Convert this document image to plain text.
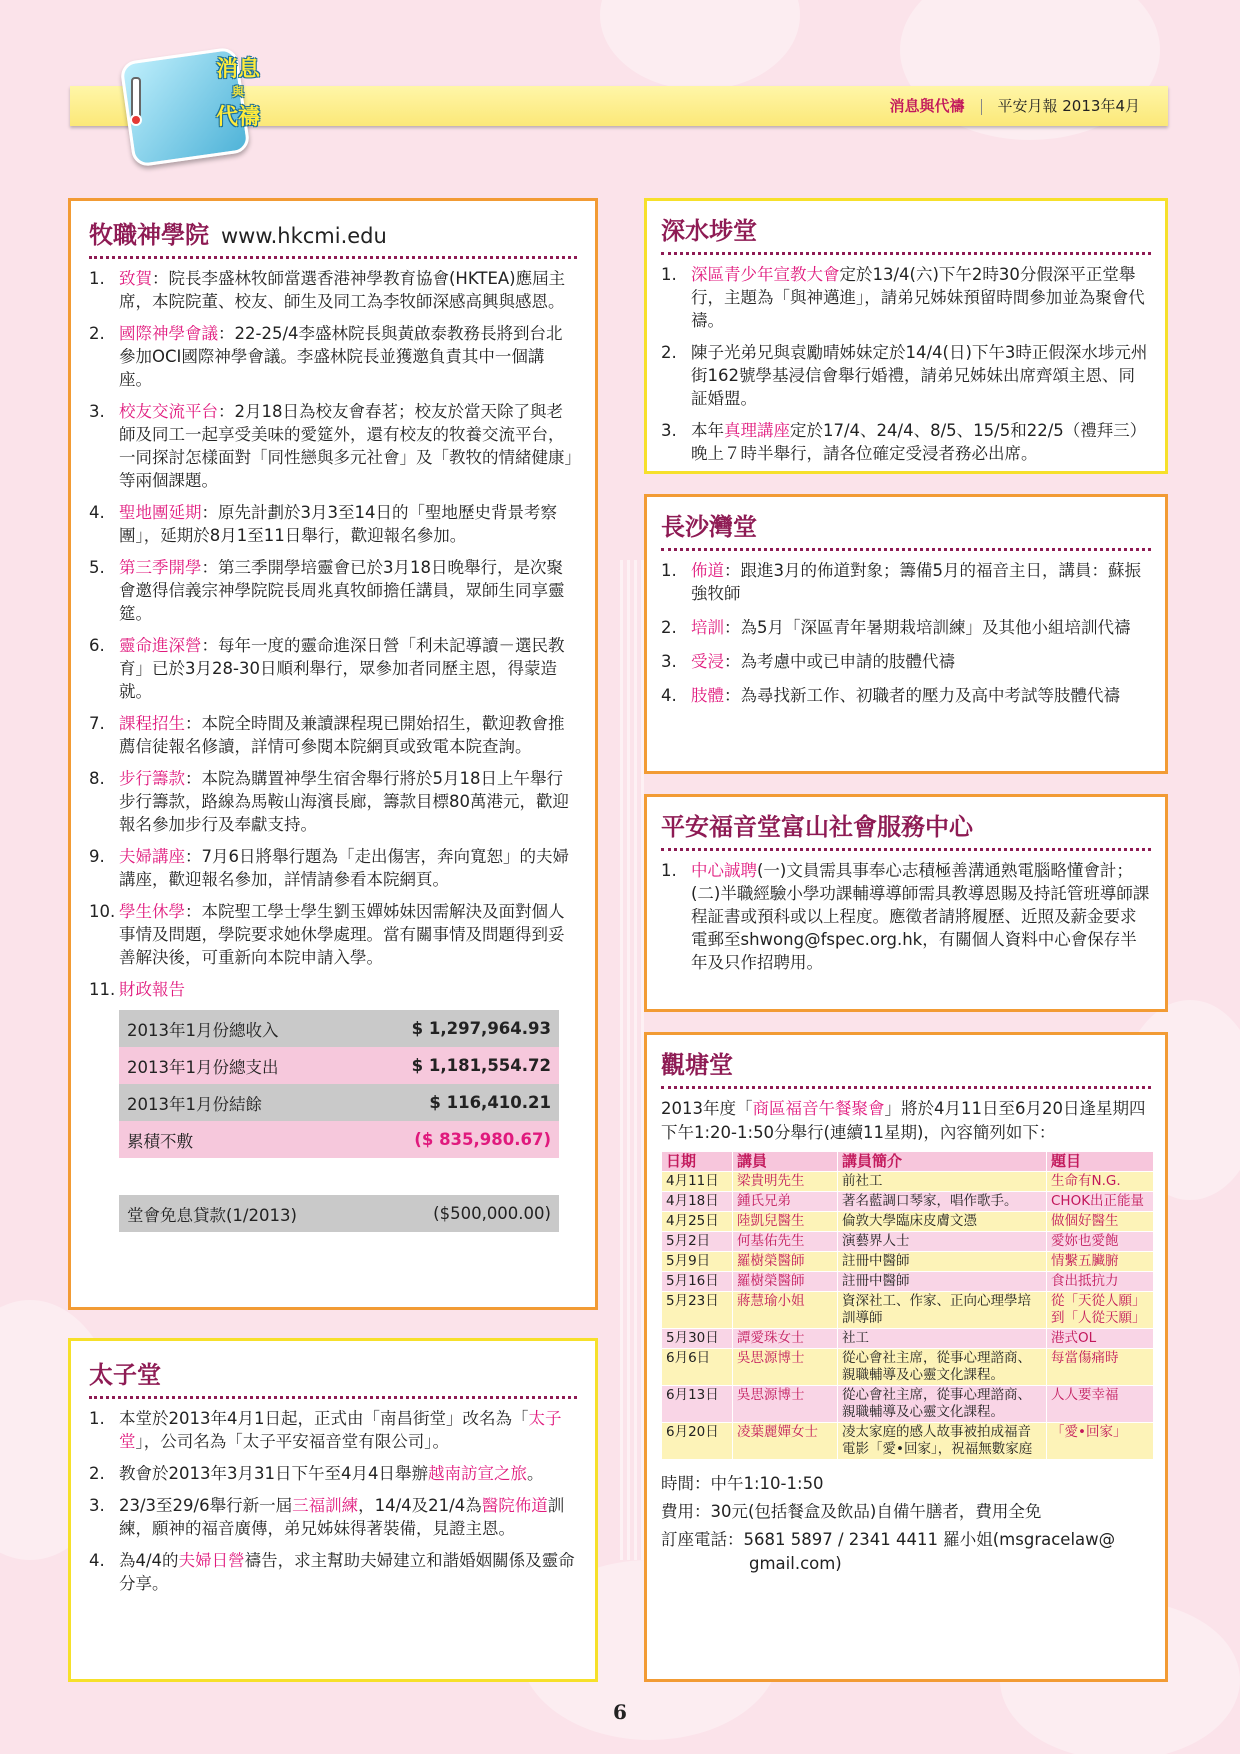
消息與代禱 平安月報 2013年4月
消息
與
代禱
牧職神學院 www.hkcmi.edu
1. 致賀：院長李盛林牧師當選香港神學教育協會(HKTEA)應屆主席，本院院董、校友、師生及同工為李牧師深感高興與感恩。
2. 國際神學會議：22-25/4李盛林院長與黃啟泰教務長將到台北參加OCI國際神學會議。李盛林院長並獲邀負責其中一個講座。
3. 校友交流平台：2月18日為校友會春茗；校友於當天除了與老師及同工一起享受美味的愛筵外，還有校友的牧養交流平台，一同探討怎樣面對「同性戀與多元社會」及「教牧的情緒健康」等兩個課題。
4. 聖地團延期：原先計劃於3月3至14日的「聖地歷史背景考察團」，延期於8月1至11日舉行，歡迎報名參加。
5. 第三季開學：第三季開學培靈會已於3月18日晚舉行，是次聚會邀得信義宗神學院院長周兆真牧師擔任講員，眾師生同享靈筵。
6. 靈命進深營：每年一度的靈命進深日營「利未記導讀－選民教育」已於3月28-30日順利舉行，眾參加者同歷主恩，得蒙造就。
7. 課程招生：本院全時間及兼讀課程現已開始招生，歡迎教會推薦信徒報名修讀，詳情可參閱本院網頁或致電本院查詢。
8. 步行籌款：本院為購置神學生宿舍舉行將於5月18日上午舉行步行籌款，路線為馬鞍山海濱長廊，籌款目標80萬港元，歡迎報名參加步行及奉獻支持。
9. 夫婦講座：7月6日將舉行題為「走出傷害，奔向寬恕」的夫婦講座，歡迎報名參加，詳情請參看本院網頁。
10. 學生休學：本院聖工學士學生劉玉嬋姊妹因需解決及面對個人事情及問題，學院要求她休學處理。當有關事情及問題得到妥善解決後，可重新向本院申請入學。
11. 財政報告
2013年1月份總收入	$ 1,297,964.93
2013年1月份總支出	$ 1,181,554.72
2013年1月份結餘	$ 116,410.21
累積不敷	($ 835,980.67)

堂會免息貸款(1/2013)	($500,000.00)
太子堂
1. 本堂於2013年4月1日起，正式由「南昌街堂」改名為「太子堂」，公司名為「太子平安福音堂有限公司」。
2. 教會於2013年3月31日下午至4月4日舉辦越南訪宣之旅。
3. 23/3至29/6舉行新一屆三福訓練，14/4及21/4為醫院佈道訓練，願神的福音廣傳，弟兄姊妹得著裝備，見證主恩。
4. 為4/4的夫婦日營禱告，求主幫助夫婦建立和諧婚姻關係及靈命分享。
深水埗堂
1. 深區青少年宣教大會定於13/4(六)下午2時30分假深平正堂舉行，主題為「與神邁進」，請弟兄姊妹預留時間參加並為聚會代禱。
2. 陳子光弟兄與袁勵晴姊妹定於14/4(日)下午3時正假深水埗元州街162號學基浸信會舉行婚禮，請弟兄姊妹出席齊頌主恩、同証婚盟。
3. 本年真理講座定於17/4、24/4、8/5、15/5和22/5（禮拜三）晚上７時半舉行，請各位確定受浸者務必出席。
長沙灣堂
1. 佈道：跟進3月的佈道對象；籌備5月的福音主日，講員：蘇振強牧師
2. 培訓：為5月「深區青年暑期栽培訓練」及其他小組培訓代禱
3. 受浸：為考慮中或已申請的肢體代禱
4. 肢體：為尋找新工作、初職者的壓力及高中考試等肢體代禱
平安福音堂富山社會服務中心
1. 中心誠聘(一)文員需具事奉心志積極善溝通熟電腦略懂會計；(二)半職經驗小學功課輔導導師需具教導恩賜及持託管班導師課程証書或預科或以上程度。應徵者請將履歷、近照及薪金要求電郵至shwong@fspec.org.hk，有關個人資料中心會保存半年及只作招聘用。
觀塘堂
2013年度「商區福音午餐聚會」將於4月11日至6月20日逢星期四下午1:20-1:50分舉行(連續11星期)，內容簡列如下：
日期	講員	講員簡介	題目
4月11日	梁貴明先生	前社工	生命有N.G.
4月18日	鍾氏兄弟	著名藍調口琴家，唱作歌手。	CHOK出正能量
4月25日	陸凱兒醫生	倫敦大學臨床皮膚文憑	做個好醫生
5月2日	何基佑先生	演藝界人士	愛妳也愛飽
5月9日	羅樹榮醫師	註冊中醫師	情繫五臟腑
5月16日	羅樹榮醫師	註冊中醫師	食出抵抗力
5月23日	蔣慧瑜小姐	資深社工、作家、正向心理學培訓導師	從「天從人願」到「人從天願」
5月30日	譚愛珠女士	社工	港式OL
6月6日	吳思源博士	從心會社主席，從事心理諮商、親職輔導及心靈文化課程。	每當傷痛時
6月13日	吳思源博士	從心會社主席，從事心理諮商、親職輔導及心靈文化課程。	人人要幸福
6月20日	凌葉麗嬋女士	凌太家庭的感人故事被拍成福音電影「愛•回家」，祝福無數家庭	「愛•回家」
時間：中午1:10-1:50
費用：30元(包括餐盒及飲品)自備午膳者，費用全免
訂座電話：5681 5897 / 2341 4411 羅小姐(msgracelaw@
gmail.com)
6
